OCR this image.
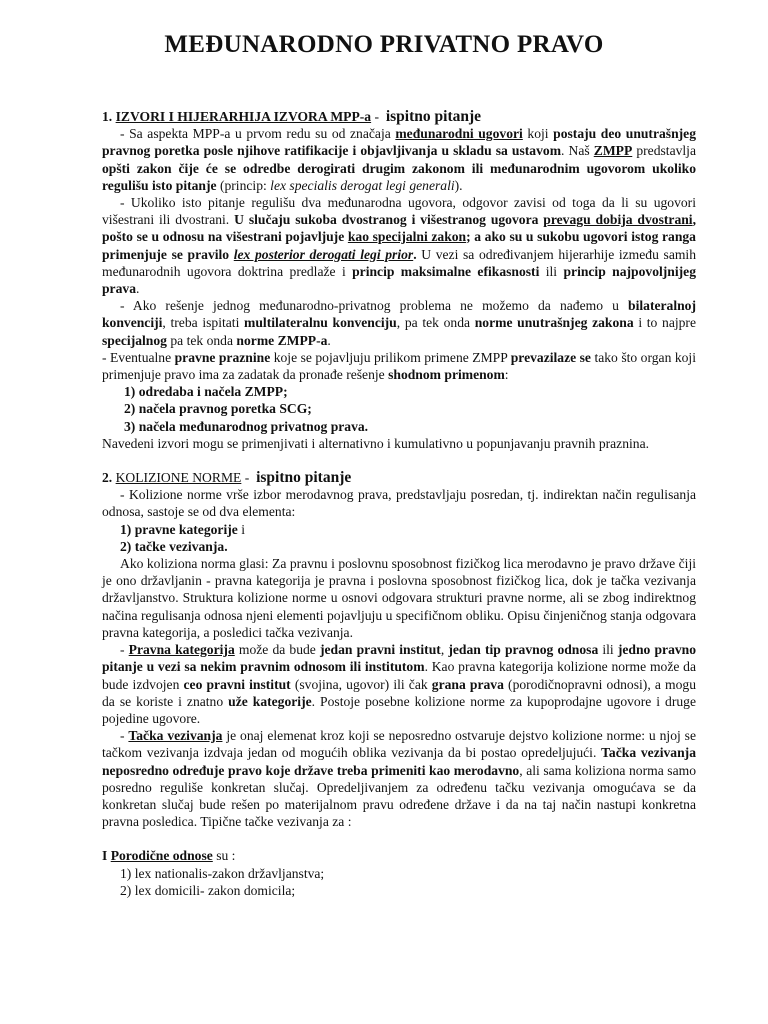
MEĐUNARODNO PRIVATNO PRAVO

1. IZVORI I HIJERARHIJA IZVORA MPP-a -  ispitno pitanje

- Sa aspekta MPP-a u prvom redu su od značaja međunarodni ugovori koji postaju deo unutrašnjeg pravnog poretka posle njihove ratifikacije i objavljivanja u skladu sa ustavom. Naš ZMPP predstavlja opšti zakon čije će se odredbe derogirati drugim zakonom ili međunarodnim ugovorom ukoliko regulišu isto pitanje (princip: lex specialis derogat legi generali).

- Ukoliko isto pitanje regulišu dva međunarodna ugovora, odgovor zavisi od toga da li su ugovori višestrani ili dvostrani. U slučaju sukoba dvostranog i višestranog ugovora prevagu dobija dvostrani, pošto se u odnosu na višestrani pojavljuje kao specijalni zakon; a ako su u sukobu ugovori istog ranga primenjuje se pravilo lex posterior derogati legi prior. U vezi sa određivanjem hijerarhije između samih međunarodnih ugovora doktrina predlaže i princip maksimalne efikasnosti ili princip najpovoljnijeg prava.

- Ako rešenje jednog međunarodno-privatnog problema ne možemo da nađemo u bilateralnoj konvenciji, treba ispitati multilateralnu konvenciju, pa tek onda norme unutrašnjeg zakona i to najpre specijalnog pa tek onda norme ZMPP-a.

- Eventualne pravne praznine koje se pojavljuju prilikom primene ZMPP prevazilaze se tako što organ koji primenjuje pravo ima za zadatak da pronađe rešenje shodnom primenom:

1) odredaba i načela ZMPP;
2) načela pravnog poretka SCG;
3) načela međunarodnog privatnog prava.

Navedeni izvori mogu se primenjivati i alternativno i kumulativno u popunjavanju pravnih praznina.

2. KOLIZIONE NORME -  ispitno pitanje

- Kolizione norme vrše izbor merodavnog prava, predstavljaju posredan, tj. indirektan način regulisanja odnosa, sastoje se od dva elementa:

1) pravne kategorije i
2) tačke vezivanja.

Ako koliziona norma glasi: Za pravnu i poslovnu sposobnost fizičkog lica merodavno je pravo države čiji je ono državljanin - pravna kategorija je pravna i poslovna sposobnost fizičkog lica, dok je tačka vezivanja državljanstvo. Struktura kolizione norme u osnovi odgovara strukturi pravne norme, ali se zbog indirektnog načina regulisanja odnosa njeni elementi pojavljuju u specifičnom obliku. Opisu činjeničnog stanja odgovara pravna kategorija, a posledici tačka vezivanja.

- Pravna kategorija može da bude jedan pravni institut, jedan tip pravnog odnosa ili jedno pravno pitanje u vezi sa nekim pravnim odnosom ili institutom. Kao pravna kategorija kolizione norme može da bude izdvojen ceo pravni institut (svojina, ugovor) ili čak grana prava (porodičnopravni odnosi), a mogu da se koriste i znatno uže kategorije. Postoje posebne kolizione norme za kupoprodajne ugovore i druge pojedine ugovore.

- Tačka vezivanja je onaj elemenat kroz koji se neposredno ostvaruje dejstvo kolizione norme: u njoj se tačkom vezivanja izdvaja jedan od mogućih oblika vezivanja da bi postao opredeljujući. Tačka vezivanja neposredno određuje pravo koje države treba primeniti kao merodavno, ali sama koliziona norma samo posredno reguliše konkretan slučaj. Opredeljivanjem za određenu tačku vezivanja omogućava se da konkretan slučaj bude rešen po materijalnom pravu određene države i da na taj način nastupi konkretna pravna posledica. Tipične tačke vezivanja za :

I Porodične odnose su :

1) lex nationalis-zakon državljanstva;
2) lex domicili- zakon domicila;
